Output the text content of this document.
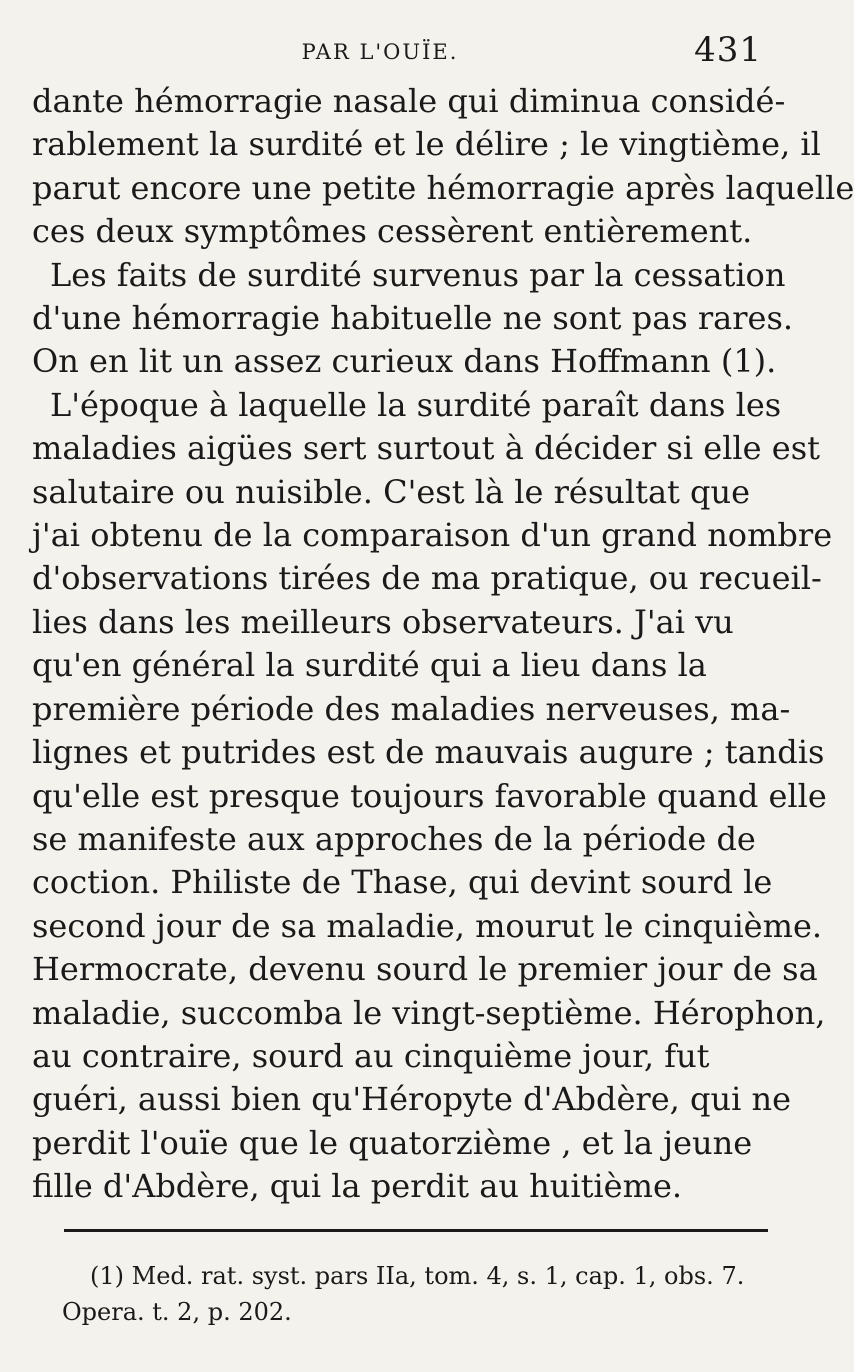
PAR L'OUÏE.	431
dante hémorragie nasale qui diminua considé-
rablement la surdité et le délire ; le vingtième, il
parut encore une petite hémorragie après laquelle
ces deux symptômes cessèrent entièrement.
Les faits de surdité survenus par la cessation
d'une hémorragie habituelle ne sont pas rares.
On en lit un assez curieux dans Hoffmann (1).
L'époque à laquelle la surdité paraît dans les
maladies aigües sert surtout à décider si elle est
salutaire ou nuisible. C'est là le résultat que
j'ai obtenu de la comparaison d'un grand nombre
d'observations tirées de ma pratique, ou recueil-
lies dans les meilleurs observateurs. J'ai vu
qu'en général la surdité qui a lieu dans la
première période des maladies nerveuses, ma-
lignes et putrides est de mauvais augure ; tandis
qu'elle est presque toujours favorable quand elle
se manifeste aux approches de la période de
coction. Philiste de Thase, qui devint sourd le
second jour de sa maladie, mourut le cinquième.
Hermocrate, devenu sourd le premier jour de sa
maladie, succomba le vingt-septième. Hérophon,
au contraire, sourd au cinquième jour, fut
guéri, aussi bien qu'Héropyte d'Abdère, qui ne
perdit l'ouïe que le quatorzième , et la jeune
fille d'Abdère, qui la perdit au huitième.
(1) Med. rat. syst. pars IIa, tom. 4, s. 1, cap. 1, obs. 7.
Opera. t. 2, p. 202.
